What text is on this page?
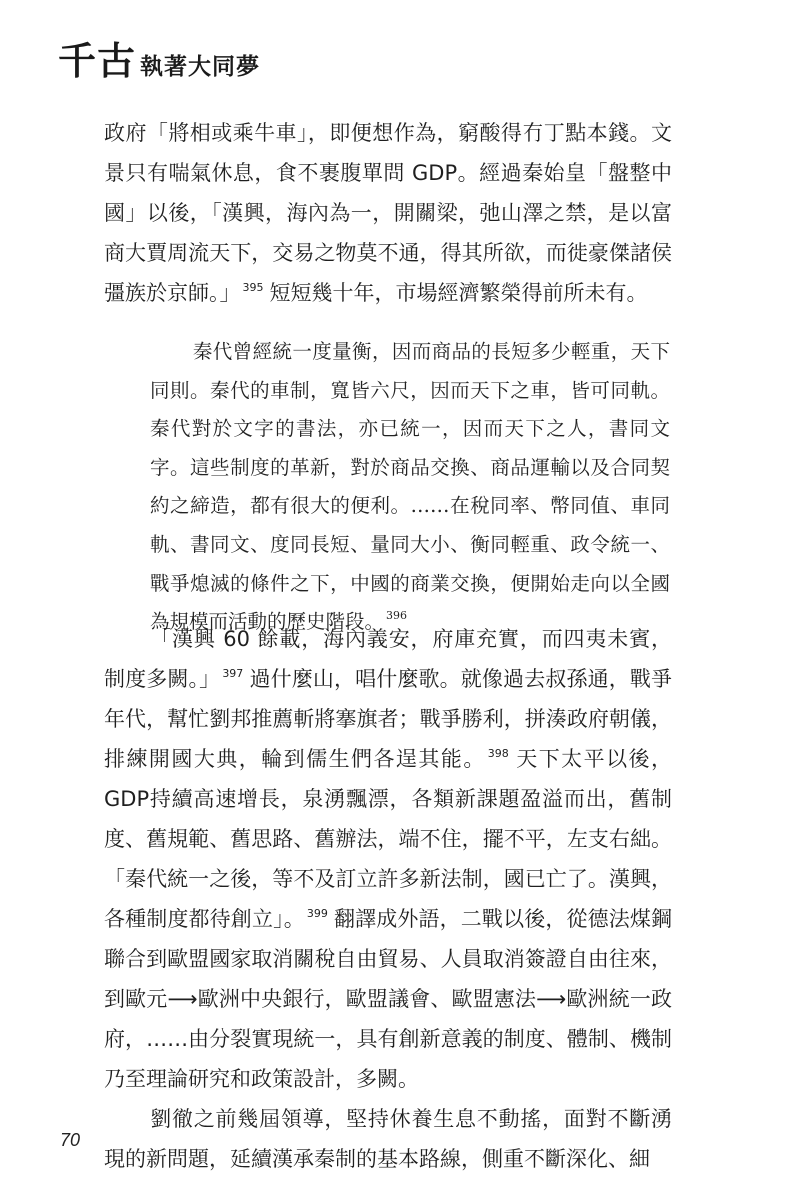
千古 執著大同夢

政府「將相或乘牛車」，即便想作為，窮酸得冇丁點本錢。文景只有喘氣休息，食不裹腹單問 GDP。經過秦始皇「盤整中國」以後，「漢興，海內為一，開關梁，弛山澤之禁，是以富商大賈周流天下，交易之物莫不通，得其所欲，而徙豪傑諸侯彊族於京師。」 $^{395}$ 短短幾十年，市場經濟繁榮得前所未有。

秦代曾經統一度量衡，因而商品的長短多少輕重，天下同則。秦代的車制，寬皆六尺，因而天下之車，皆可同軌。秦代對於文字的書法，亦已統一，因而天下之人，書同文字。這些制度的革新，對於商品交換、商品運輸以及合同契約之締造，都有很大的便利。……在稅同率、幣同值、車同軌、書同文、度同長短、量同大小、衡同輕重、政令統一、戰爭熄滅的條件之下，中國的商業交換，便開始走向以全國為規模而活動的歷史階段。 $^{396}$

「漢興 60 餘載，海內義安，府庫充實，而四夷未賓，制度多闕。」 $^{397}$ 過什麼山，唱什麼歌。就像過去叔孫通，戰爭年代，幫忙劉邦推薦斬將搴旗者；戰爭勝利，拼湊政府朝儀，排練開國大典，輪到儒生們各逞其能。 $^{398}$ 天下太平以後，GDP持續高速增長，泉湧飄漂，各類新課題盈溢而出，舊制度、舊規範、舊思路、舊辦法，端不住，擺不平，左支右絀。「秦代統一之後，等不及訂立許多新法制，國已亡了。漢興，各種制度都待創立」。 $^{399}$ 翻譯成外語，二戰以後，從德法煤鋼聯合到歐盟國家取消關稅自由貿易、人員取消簽證自由往來，到歐元⟶歐洲中央銀行，歐盟議會、歐盟憲法⟶歐洲統一政府，……由分裂實現統一，具有創新意義的制度、體制、機制乃至理論研究和政策設計，多闕。

劉徹之前幾屆領導，堅持休養生息不動搖，面對不斷湧現的新問題，延續漢承秦制的基本路線，側重不斷深化、細

70
